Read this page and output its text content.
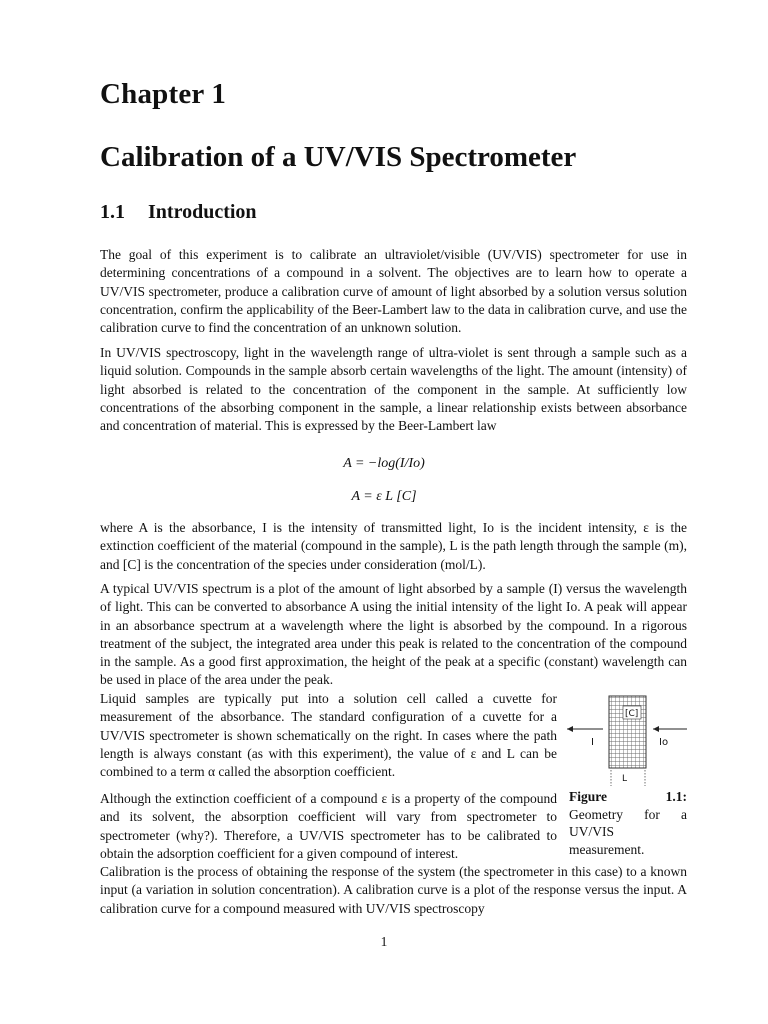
Chapter 1
Calibration of a UV/VIS Spectrometer
1.1 Introduction

The goal of this experiment is to calibrate an ultraviolet/visible (UV/VIS) spectrometer for use in determining concentrations of a compound in a solvent. The objectives are to learn how to operate a UV/VIS spectrometer, produce a calibration curve of amount of light absorbed by a solution versus solution concentration, confirm the applicability of the Beer-Lambert law to the data in calibration curve, and use the calibration curve to find the concentration of an unknown solution.

In UV/VIS spectroscopy, light in the wavelength range of ultra-violet is sent through a sample such as a liquid solution. Compounds in the sample absorb certain wavelengths of the light. The amount (intensity) of light absorbed is related to the concentration of the component in the sample. At sufficiently low concentrations of the absorbing component in the sample, a linear relationship exists between absorbance and concentration of material. This is expressed by the Beer-Lambert law

A = −log(I/Io)
A = ε L [C]

where A is the absorbance, I is the intensity of transmitted light, Io is the incident intensity, ε is the extinction coefficient of the material (compound in the sample), L is the path length through the sample (m), and [C] is the concentration of the species under consideration (mol/L).

A typical UV/VIS spectrum is a plot of the amount of light absorbed by a sample (I) versus the wavelength of light. This can be converted to absorbance A using the initial intensity of the light Io. A peak will appear in an absorbance spectrum at a wavelength where the light is absorbed by the compound. In a rigorous treatment of the subject, the integrated area under this peak is related to the concentration of the compound in the sample. As a good first approximation, the height of the peak at a specific (constant) wavelength can be used in place of the area under the peak.

Liquid samples are typically put into a solution cell called a cuvette for measurement of the absorbance. The standard configuration of a cuvette for a UV/VIS spectrometer is shown schematically on the right. In cases where the path length is always constant (as with this experiment), the value of ε and L can be combined to a term α called the absorption coefficient.

Although the extinction coefficient of a compound ε is a property of the compound and its solvent, the absorption coefficient will vary from spectrometer to spectrometer (why?). Therefore, a UV/VIS spectrometer has to be calibrated to obtain the adsorption coefficient for a given compound of interest.

Calibration is the process of obtaining the response of the system (the spectrometer in this case) to a known input (a variation in solution concentration). A calibration curve is a plot of the response versus the input. A calibration curve for a compound measured with UV/VIS spectroscopy

[C]
I	Io
L
Figure 1.1: Geometry for a UV/VIS measurement.
1
